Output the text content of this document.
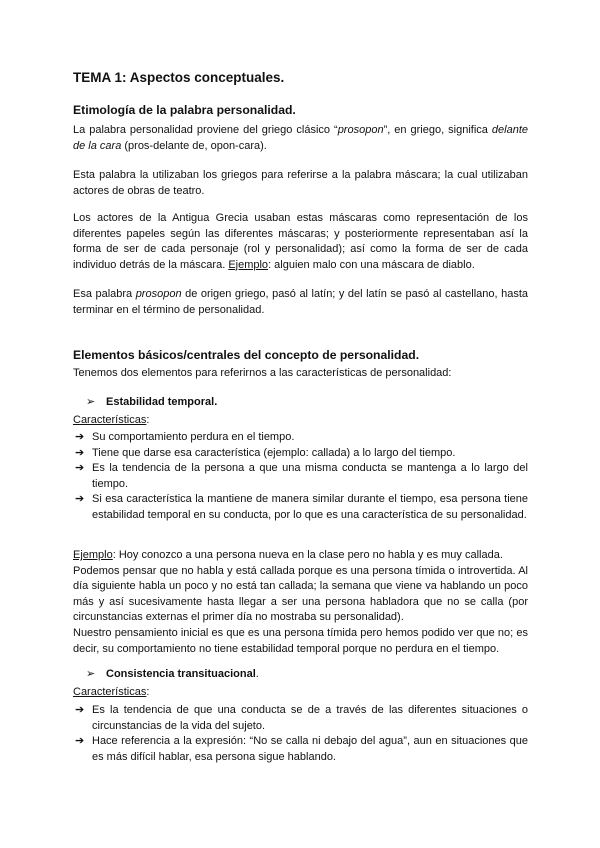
TEMA 1: Aspectos conceptuales.
Etimología de la palabra personalidad.
La palabra personalidad proviene del griego clásico “prosopon”, en griego, significa delante de la cara (pros-delante de, opon-cara).
Esta palabra la utilizaban los griegos para referirse a la palabra máscara; la cual utilizaban actores de obras de teatro.
Los actores de la Antigua Grecia usaban estas máscaras como representación de los diferentes papeles según las diferentes máscaras; y posteriormente representaban así la forma de ser de cada personaje (rol y personalidad); así como la forma de ser de cada individuo detrás de la máscara. Ejemplo: alguien malo con una máscara de diablo.
Esa palabra prosopon de origen griego, pasó al latín; y del latín se pasó al castellano, hasta terminar en el término de personalidad.
Elementos básicos/centrales del concepto de personalidad.
Tenemos dos elementos para referirnos a las características de personalidad:
➢ Estabilidad temporal.
Características:
➔ Su comportamiento perdura en el tiempo.
➔ Tiene que darse esa característica (ejemplo: callada) a lo largo del tiempo.
➔ Es la tendencia de la persona a que una misma conducta se mantenga a lo largo del tiempo.
➔ Si esa característica la mantiene de manera similar durante el tiempo, esa persona tiene estabilidad temporal en su conducta, por lo que es una característica de su personalidad.
Ejemplo: Hoy conozco a una persona nueva en la clase pero no habla y es muy callada.
Podemos pensar que no habla y está callada porque es una persona tímida o introvertida. Al día siguiente habla un poco y no está tan callada; la semana que viene va hablando un poco más y así sucesivamente hasta llegar a ser una persona habladora que no se calla (por circunstancias externas el primer día no mostraba su personalidad).
Nuestro pensamiento inicial es que es una persona tímida pero hemos podido ver que no; es decir, su comportamiento no tiene estabilidad temporal porque no perdura en el tiempo.
➢ Consistencia transituacional.
Características:
➔ Es la tendencia de que una conducta se de a través de las diferentes situaciones o circunstancias de la vida del sujeto.
➔ Hace referencia a la expresión: “No se calla ni debajo del agua”, aun en situaciones que es más difícil hablar, esa persona sigue hablando.
